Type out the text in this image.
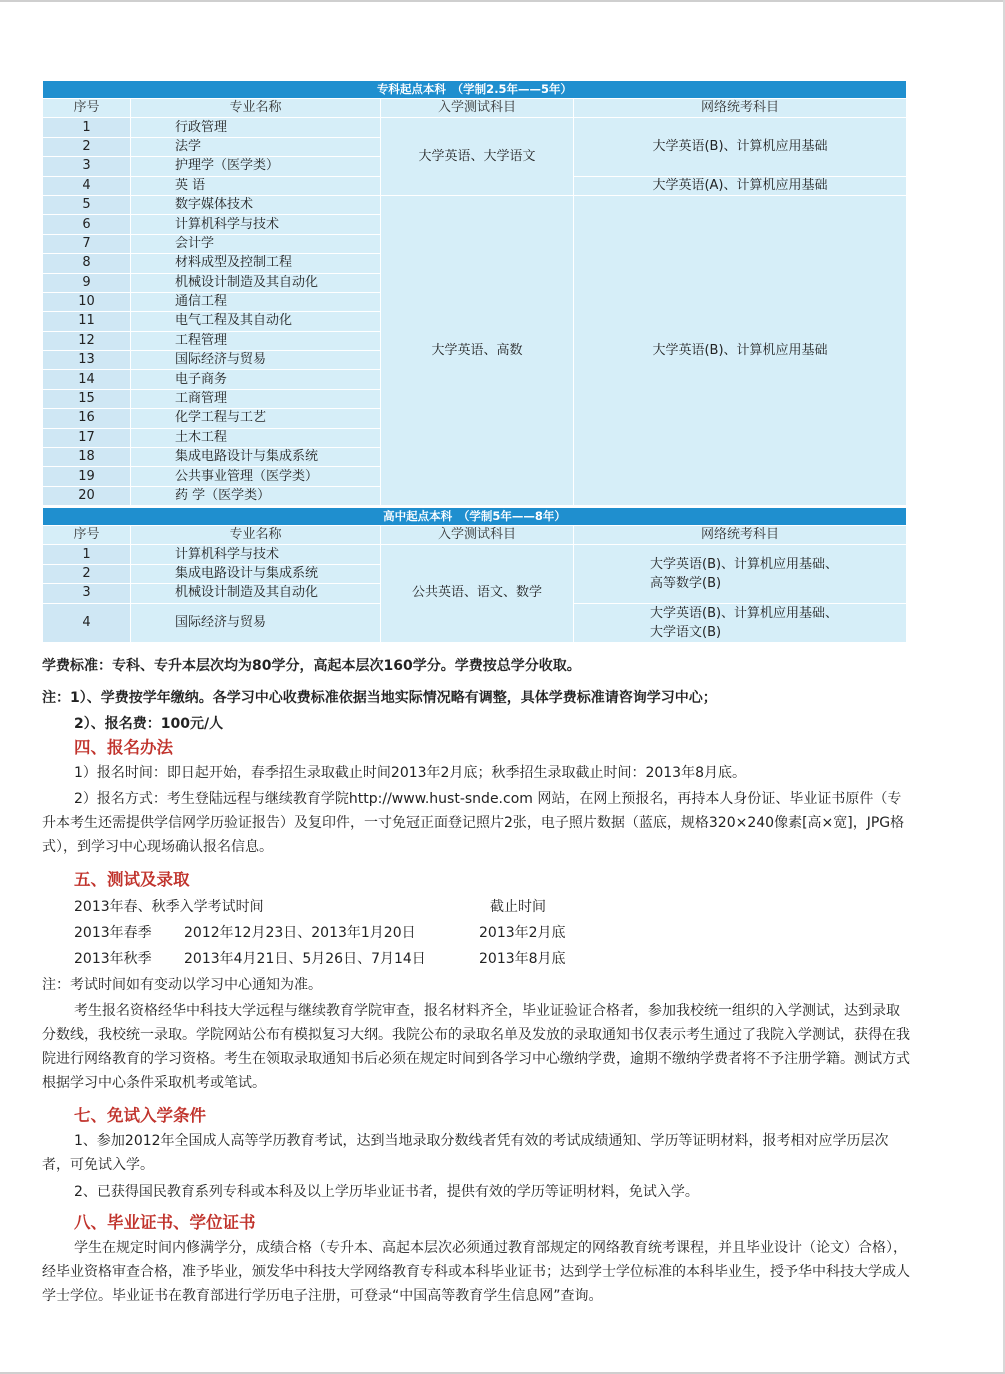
专科起点本科　（学制2.5年——5年）			
序号	专业名称	入学测试科目	网络统考科目
1	行政管理	大学英语、大学语文	大学英语(B)、计算机应用基础
2	法学		
3	护理学（医学类）		
4	英 语		大学英语(A)、计算机应用基础
5	数字媒体技术	大学英语、高数	大学英语(B)、计算机应用基础
6	计算机科学与技术		
7	会计学		
8	材料成型及控制工程		
9	机械设计制造及其自动化		
10	通信工程		
11	电气工程及其自动化		
12	工程管理		
13	国际经济与贸易		
14	电子商务		
15	工商管理		
16	化学工程与工艺		
17	土木工程		
18	集成电路设计与集成系统		
19	公共事业管理（医学类）		
20	药 学（医学类）		
高中起点本科　（学制5年——8年）			
序号	专业名称	入学测试科目	网络统考科目
1	计算机科学与技术	公共英语、语文、数学	大学英语(B)、计算机应用基础、
高等数学(B)
2	集成电路设计与集成系统		
3	机械设计制造及其自动化		
4	国际经济与贸易		大学英语(B)、计算机应用基础、
大学语文(B)
学费标准：专科、专升本层次均为80学分，高起本层次160学分。学费按总学分收取。
注：1）、学费按学年缴纳。各学习中心收费标准依据当地实际情况略有调整，具体学费标准请咨询学习中心；
2）、报名费：100元/人
四、报名办法
1）报名时间：即日起开始，春季招生录取截止时间2013年2月底；秋季招生录取截止时间：2013年8月底。
2）报名方式：考生登陆远程与继续教育学院http://www.hust-snde.com 网站，在网上预报名，再持本人身份证、毕业证书原件（专升本考生还需提供学信网学历验证报告）及复印件，一寸免冠正面登记照片2张，电子照片数据（蓝底，规格320×240像素[高×宽]，JPG格式），到学习中心现场确认报名信息。
五、测试及录取
2013年春、秋季入学考试时间	截止时间
2013年春季 2012年12月23日、2013年1月20日	2013年2月底
2013年秋季 2013年4月21日、5月26日、7月14日	2013年8月底
注：考试时间如有变动以学习中心通知为准。
考生报名资格经华中科技大学远程与继续教育学院审查，报名材料齐全，毕业证验证合格者，参加我校统一组织的入学测试，达到录取分数线，我校统一录取。学院网站公布有模拟复习大纲。我院公布的录取名单及发放的录取通知书仅表示考生通过了我院入学测试，获得在我院进行网络教育的学习资格。考生在领取录取通知书后必须在规定时间到各学习中心缴纳学费，逾期不缴纳学费者将不予注册学籍。测试方式根据学习中心条件采取机考或笔试。
七、免试入学条件
1、参加2012年全国成人高等学历教育考试，达到当地录取分数线者凭有效的考试成绩通知、学历等证明材料，报考相对应学历层次者，可免试入学。
2、已获得国民教育系列专科或本科及以上学历毕业证书者，提供有效的学历等证明材料，免试入学。
八、毕业证书、学位证书
学生在规定时间内修满学分，成绩合格（专升本、高起本层次必须通过教育部规定的网络教育统考课程，并且毕业设计（论文）合格），经毕业资格审查合格，准予毕业，颁发华中科技大学网络教育专科或本科毕业证书；达到学士学位标准的本科毕业生，授予华中科技大学成人学士学位。毕业证书在教育部进行学历电子注册，可登录“中国高等教育学生信息网”查询。
